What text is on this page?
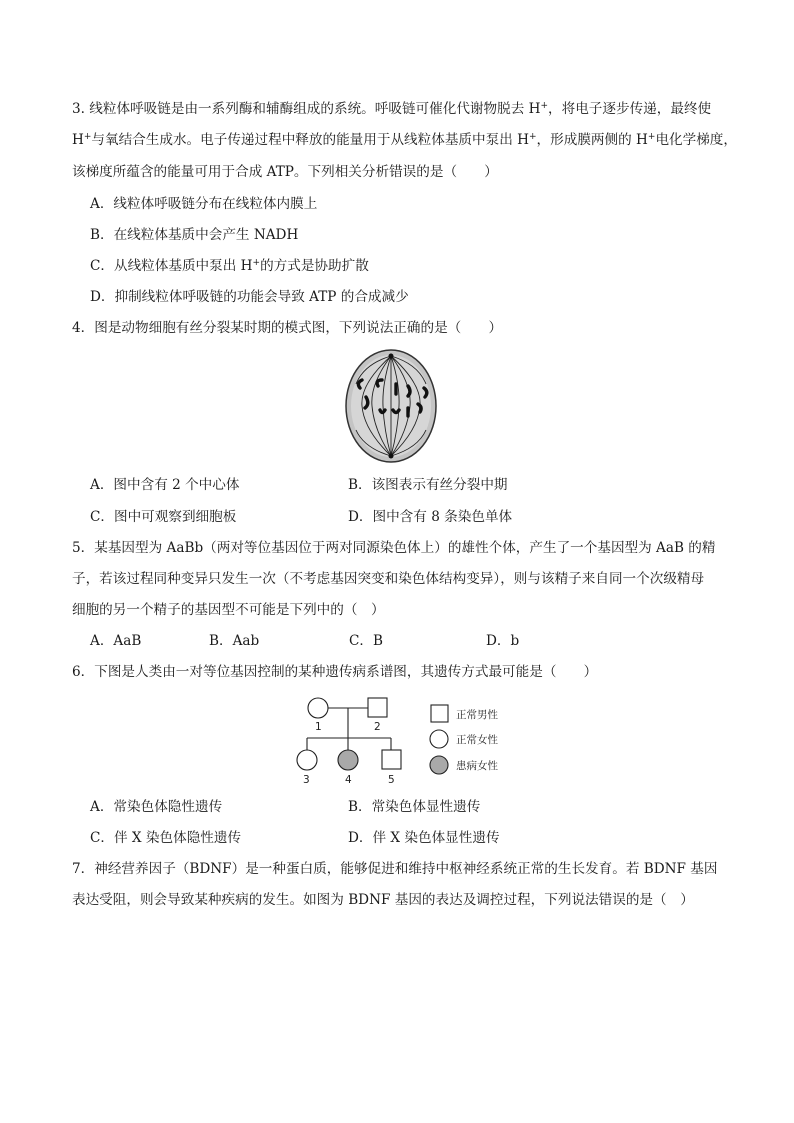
3. 线粒体呼吸链是由一系列酶和辅酶组成的系统。呼吸链可催化代谢物脱去 H+，将电子逐步传递，最终使
H+与氧结合生成水。电子传递过程中释放的能量用于从线粒体基质中泵出 H+，形成膜两侧的 H+电化学梯度，
该梯度所蕴含的能量可用于合成 ATP。下列相关分析错误的是（　　）
A．线粒体呼吸链分布在线粒体内膜上
B．在线粒体基质中会产生 NADH
C．从线粒体基质中泵出 H+的方式是协助扩散
D．抑制线粒体呼吸链的功能会导致 ATP 的合成减少
4．图是动物细胞有丝分裂某时期的模式图，下列说法正确的是（　　）
A．图中含有 2 个中心体	B．该图表示有丝分裂中期
C．图中可观察到细胞板	D．图中含有 8 条染色单体
5．某基因型为 AaBb（两对等位基因位于两对同源染色体上）的雄性个体，产生了一个基因型为 AaB 的精
子，若该过程同种变异只发生一次（不考虑基因突变和染色体结构变异），则与该精子来自同一个次级精母
细胞的另一个精子的基因型不可能是下列中的（　）
A．AaB	B．Aab	C．B	D．b
6．下图是人类由一对等位基因控制的某种遗传病系谱图，其遗传方式最可能是（　　）
1	2
3	4	5
正常男性
正常女性
患病女性
A．常染色体隐性遗传	B．常染色体显性遗传
C．伴 X 染色体隐性遗传	D．伴 X 染色体显性遗传
7．神经营养因子（BDNF）是一种蛋白质，能够促进和维持中枢神经系统正常的生长发育。若 BDNF 基因
表达受阻，则会导致某种疾病的发生。如图为 BDNF 基因的表达及调控过程，下列说法错误的是（　）
